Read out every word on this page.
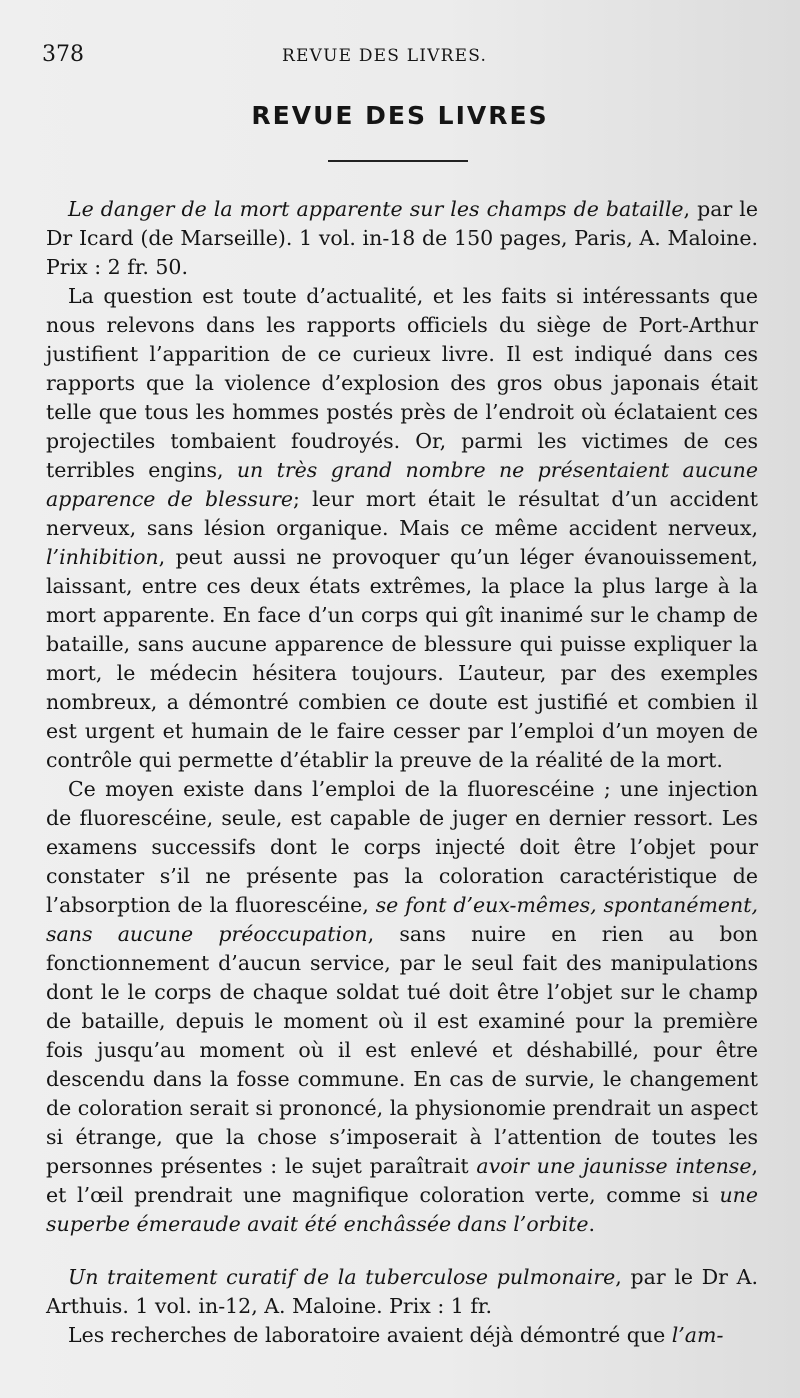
378	REVUE DES LIVRES.
REVUE DES LIVRES

Le danger de la mort apparente sur les champs de bataille, par le Dr Icard (de Marseille). 1 vol. in-18 de 150 pages, Paris, A. Maloine. Prix : 2 fr. 50.

La question est toute d’actualité, et les faits si intéressants que nous relevons dans les rapports officiels du siège de Port-Arthur justifient l’apparition de ce curieux livre. Il est indiqué dans ces rapports que la violence d’explosion des gros obus japonais était telle que tous les hommes postés près de l’endroit où éclataient ces projectiles tombaient foudroyés. Or, parmi les victimes de ces terribles engins, un très grand nombre ne présentaient aucune apparence de blessure; leur mort était le résultat d’un accident nerveux, sans lésion organique. Mais ce même accident nerveux, l’inhibition, peut aussi ne provoquer qu’un léger évanouissement, laissant, entre ces deux états extrêmes, la place la plus large à la mort apparente. En face d’un corps qui gît inanimé sur le champ de bataille, sans aucune apparence de blessure qui puisse expliquer la mort, le médecin hésitera toujours. L’auteur, par des exemples nombreux, a démontré combien ce doute est justifié et combien il est urgent et humain de le faire cesser par l’emploi d’un moyen de contrôle qui permette d’établir la preuve de la réalité de la mort.

Ce moyen existe dans l’emploi de la fluorescéine ; une injection de fluorescéine, seule, est capable de juger en dernier ressort. Les examens successifs dont le corps injecté doit être l’objet pour constater s’il ne présente pas la coloration caractéristique de l’absorption de la fluorescéine, se font d’eux-mêmes, spontanément, sans aucune préoccupation, sans nuire en rien au bon fonctionnement d’aucun service, par le seul fait des manipulations dont le le corps de chaque soldat tué doit être l’objet sur le champ de bataille, depuis le moment où il est examiné pour la première fois jusqu’au moment où il est enlevé et déshabillé, pour être descendu dans la fosse commune. En cas de survie, le changement de coloration serait si prononcé, la physionomie prendrait un aspect si étrange, que la chose s’imposerait à l’attention de toutes les personnes présentes : le sujet paraîtrait avoir une jaunisse intense, et l’œil prendrait une magnifique coloration verte, comme si une superbe émeraude avait été enchâssée dans l’orbite.

Un traitement curatif de la tuberculose pulmonaire, par le Dr A. Arthuis. 1 vol. in-12, A. Maloine. Prix : 1 fr.

Les recherches de laboratoire avaient déjà démontré que l’am-
